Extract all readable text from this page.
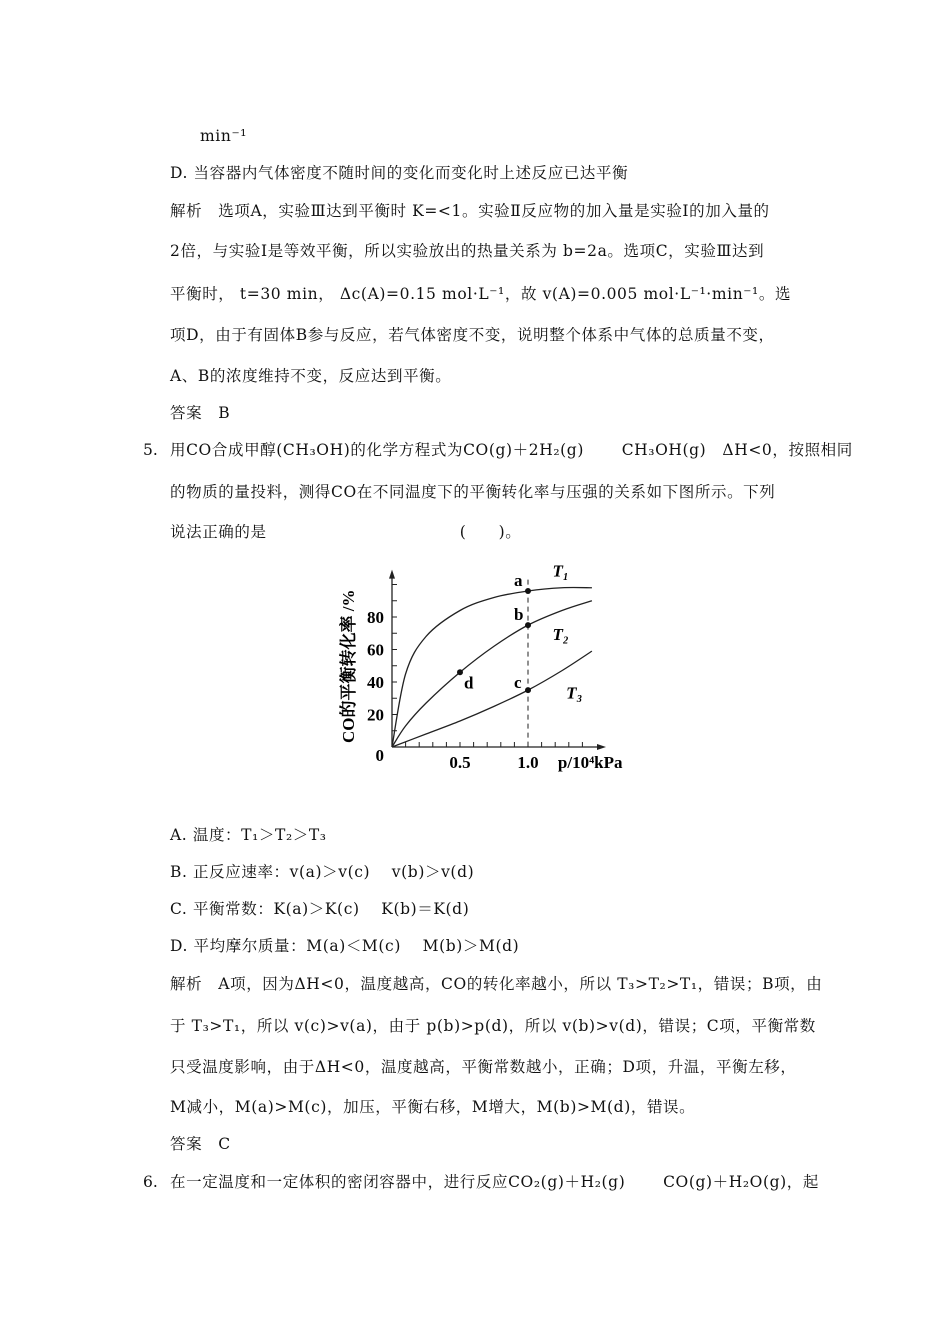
min⁻¹
D. 当容器内气体密度不随时间的变化而变化时上述反应已达平衡
解析　选项A，实验Ⅲ达到平衡时 K=<1。实验Ⅱ反应物的加入量是实验Ⅰ的加入量的
2倍，与实验Ⅰ是等效平衡，所以实验放出的热量关系为 b=2a。选项C，实验Ⅲ达到
平衡时， t=30 min， Δc(A)=0.15 mol·L⁻¹，故 v(A)=0.005 mol·L⁻¹·min⁻¹。选
项D，由于有固体B参与反应，若气体密度不变，说明整个体系中气体的总质量不变，
A、B的浓度维持不变，反应达到平衡。
答案　B
5. 用CO合成甲醇(CH₃OH)的化学方程式为CO(g)＋2H₂(g)　　 CH₃OH(g)　ΔH<0，按照相同
的物质的量投料，测得CO在不同温度下的平衡转化率与压强的关系如下图所示。下列
说法正确的是　　　　　　　　　　　　(　　)。
0.5	1.0
0
20
40
60
80
p/10⁴kPa
CO的平衡转化率 /%
T₁
T₂
T₃
a
b
c
d
A. 温度：T₁＞T₂＞T₃
B. 正反应速率：v(a)＞v(c)　 v(b)＞v(d)
C. 平衡常数：K(a)＞K(c)　 K(b)＝K(d)
D. 平均摩尔质量：M(a)＜M(c)　 M(b)＞M(d)
解析　A项，因为ΔH<0，温度越高，CO的转化率越小，所以 T₃>T₂>T₁，错误；B项，由
于 T₃>T₁，所以 v(c)>v(a)，由于 p(b)>p(d)，所以 v(b)>v(d)，错误；C项，平衡常数
只受温度影响，由于ΔH<0，温度越高，平衡常数越小，正确；D项，升温，平衡左移，
M减小，M(a)>M(c)，加压，平衡右移，M增大，M(b)>M(d)，错误。
答案　C
6. 在一定温度和一定体积的密闭容器中，进行反应CO₂(g)＋H₂(g)　　 CO(g)＋H₂O(g)，起
